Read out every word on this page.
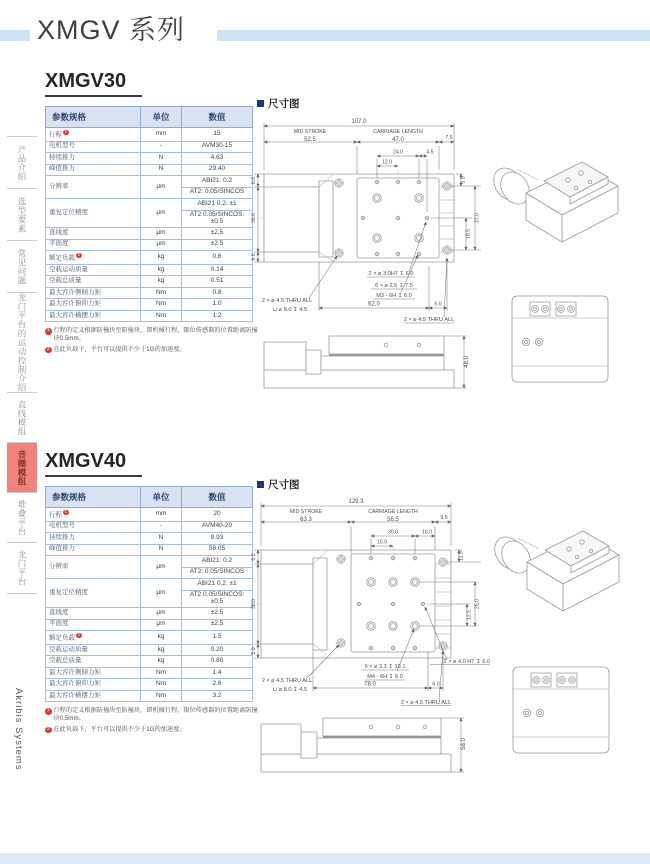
XMGV 系列
产品介绍
选型要素
常见问题
龙门平台的运动控制介绍
直线模组
音圈模组
堆叠平台
龙门平台
Akribis Systems
XMGV30
参数规格	单位	数值
行程 1	mm	15
电机型号	-	AVM30-15
持续推力	N	4.63
峰值推力	N	29.40
分辨率	μm	ABI21: 0.2
		AT2: 0.05/SINCOS
重复定位精度	μm	ABI21 0.2: ±1
		AT2 0.05/SINCOS: ±0.5
直线度	μm	±2.5
平面度	μm	±2.5
额定负载 2	kg	0.6
空载运动质量	kg	0.14
空载总质量	kg	0.51
最大容许侧倾力矩	Nm	0.8
最大容许俯仰力矩	Nm	1.0
最大容许横摆力矩	Nm	1.2
1 行程的定义根据防撞块至防撞块，即机械行程，限位传感器的位置距离防撞块0.5mm。
2 在此负载下，平台可以提供不少于1G的加速度。
尺寸图
107.0
MID STROKE
52.5
CARRIAGE LENGTH
47.0	7.5
24.0	4.5
12.0
5.5
6.0
36.0
6.0
37.0
18.5
2 × ⌀ 3.0H7 ↧ 6.0
6 × ⌀ 2.5 ↧ 7.5
M3 - 6H ↧ 6.0
62.0	5.0
2 × ⌀ 4.5 THRU ALL
⊔ ⌀ 8.0 ↧ 4.5
2 × ⌀ 4.5 THRU ALL
48.0
XMGV40
参数规格	单位	数值
行程 1	mm	20
电机型号	-	AVM40-20
持续推力	N	9.93
峰值推力	N	58.05
分辨率	μm	ABI21: 0.2
		AT2: 0.05/SINCOS
重复定位精度	μm	ABI21 0.2: ±1
		AT2 0.05/SINCOS: ±0.5
直线度	μm	±2.5
平面度	μm	±2.5
额定负载 2	kg	1.5
空载运动质量	kg	0.20
空载总质量	kg	0.80
最大容许侧倾力矩	Nm	1.4
最大容许俯仰力矩	Nm	2.6
最大容许横摆力矩	Nm	3.2
1 行程的定义根据防撞块至防撞块，即机械行程，限位传感器的位置距离防撞块0.5mm。
2 在此负载下，平台可以提供不少于1G的加速度。
尺寸图
129.3
MID STROKE
63.3
CARRIAGE LENGTH
56.5	9.5
30.0	16.0
15.0
11.5
5.0
38.0
5.0
25.0
12.5
2 × ⌀ 4.0 H7 ↧ 6.0
6 × ⌀ 3.3 ↧ 10.1
M4 - 6H ↧ 8.0
78.0	6.0
2 × ⌀ 4.5 THRU ALL
⊔ ⌀ 8.0 ↧ 4.5
2 × ⌀ 4.5 THRU ALL
58.0
